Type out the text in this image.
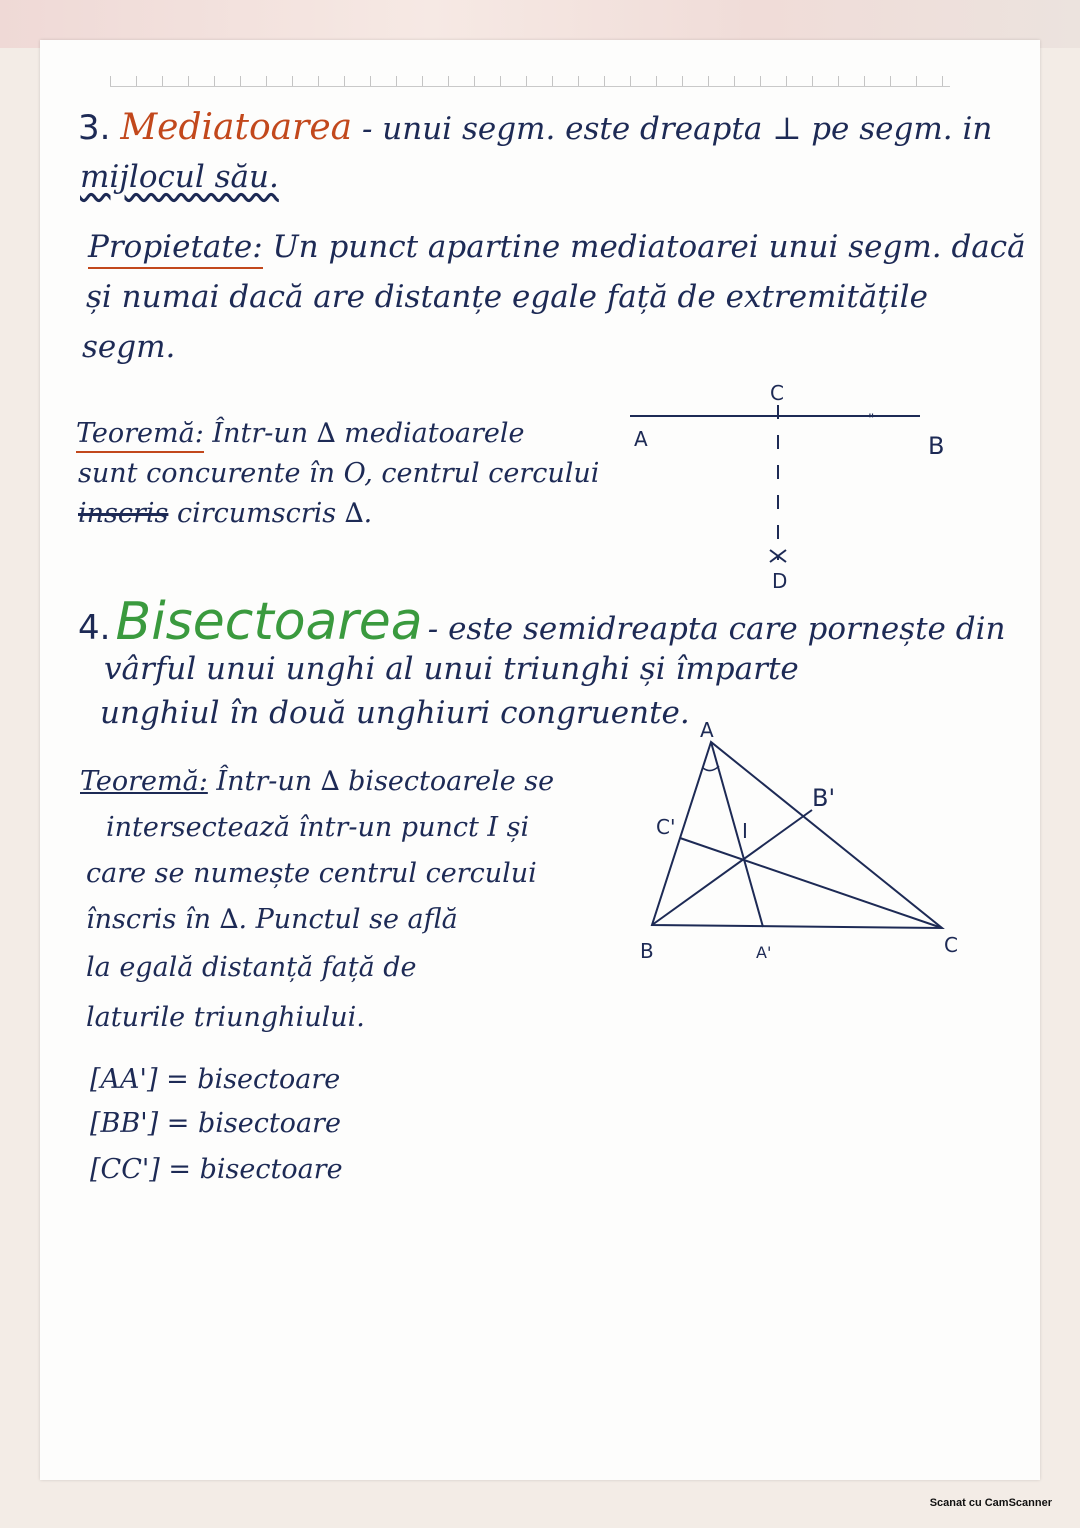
3. Mediatoarea - unui segm. este dreapta ⊥ pe segm. in
mijlocul său.
Propietate: Un punct apartine mediatoarei unui segm. dacă
și numai dacă are distanțe egale față de extremitățile
segm.
Teoremă: Într-un ∆ mediatoarele
sunt concurente în O, centrul cercului
inscris circumscris ∆.
A	B
C
D
"
4. Bisectoarea - este semidreapta care pornește din
vârful unui unghi al unui triunghi și împarte
unghiul în două unghiuri congruente.
Teoremă: Într-un ∆ bisectoarele se
intersectează într-un punct I și
care se numește centrul cercului
înscris în ∆. Punctul se află
la egală distanță față de
laturile triunghiului.
[AA'] = bisectoare
[BB'] = bisectoare
[CC'] = bisectoare
A
B	C
A'
B'
C'	I
Scanat cu CamScanner
